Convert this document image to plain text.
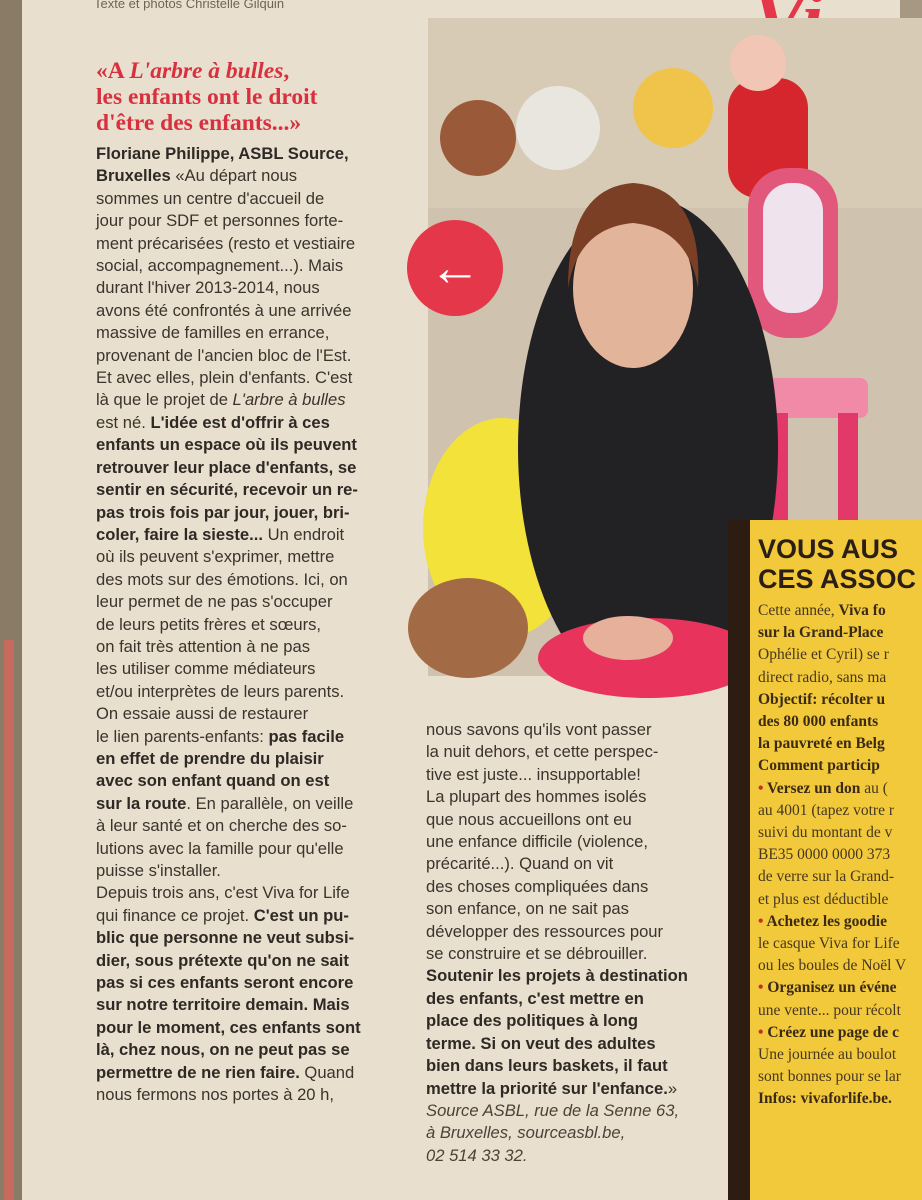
Texte et photos Christelle Gilquin
←
«A L'arbre à bulles,
les enfants ont le droit
d'être des enfants...»
Floriane Philippe, ASBL Source,
Bruxelles «Au départ nous
sommes un centre d'accueil de
jour pour SDF et personnes forte-
ment précarisées (resto et vestiaire
social, accompagnement...). Mais
durant l'hiver 2013-2014, nous
avons été confrontés à une arrivée
massive de familles en errance,
provenant de l'ancien bloc de l'Est.
Et avec elles, plein d'enfants. C'est
là que le projet de L'arbre à bulles
est né. L'idée est d'offrir à ces
enfants un espace où ils peuvent
retrouver leur place d'enfants, se
sentir en sécurité, recevoir un re-
pas trois fois par jour, jouer, bri-
coler, faire la sieste... Un endroit
où ils peuvent s'exprimer, mettre
des mots sur des émotions. Ici, on
leur permet de ne pas s'occuper
de leurs petits frères et sœurs,
on fait très attention à ne pas
les utiliser comme médiateurs
et/ou interprètes de leurs parents.
On essaie aussi de restaurer
le lien parents-enfants: pas facile
en effet de prendre du plaisir
avec son enfant quand on est
sur la route. En parallèle, on veille
à leur santé et on cherche des so-
lutions avec la famille pour qu'elle
puisse s'installer.
Depuis trois ans, c'est Viva for Life
qui finance ce projet. C'est un pu-
blic que personne ne veut subsi-
dier, sous prétexte qu'on ne sait
pas si ces enfants seront encore
sur notre territoire demain. Mais
pour le moment, ces enfants sont
là, chez nous, on ne peut pas se
permettre de ne rien faire. Quand
nous fermons nos portes à 20 h,
nous savons qu'ils vont passer
la nuit dehors, et cette perspec-
tive est juste... insupportable!
La plupart des hommes isolés
que nous accueillons ont eu
une enfance difficile (violence,
précarité...). Quand on vit
des choses compliquées dans
son enfance, on ne sait pas
développer des ressources pour
se construire et se débrouiller.
Soutenir les projets à destination
des enfants, c'est mettre en
place des politiques à long
terme. Si on veut des adultes
bien dans leurs baskets, il faut
mettre la priorité sur l'enfance.»
Source ASBL, rue de la Senne 63,
à Bruxelles, sourceasbl.be,
02 514 33 32.
VOUS AUS
CES ASSOC
Cette année, Viva fo
sur la Grand-Place
Ophélie et Cyril) se r
direct radio, sans ma
Objectif: récolter u
des 80 000 enfants
la pauvreté en Belg
Comment particip
• Versez un don au (
au 4001 (tapez votre r
suivi du montant de v
BE35 0000 0000 373
de verre sur la Grand-
et plus est déductible
• Achetez les goodie
le casque Viva for Life
ou les boules de Noël V
• Organisez un événe
une vente... pour récolt
• Créez une page de c
Une journée au boulot
sont bonnes pour se lar
Infos: vivaforlife.be.
